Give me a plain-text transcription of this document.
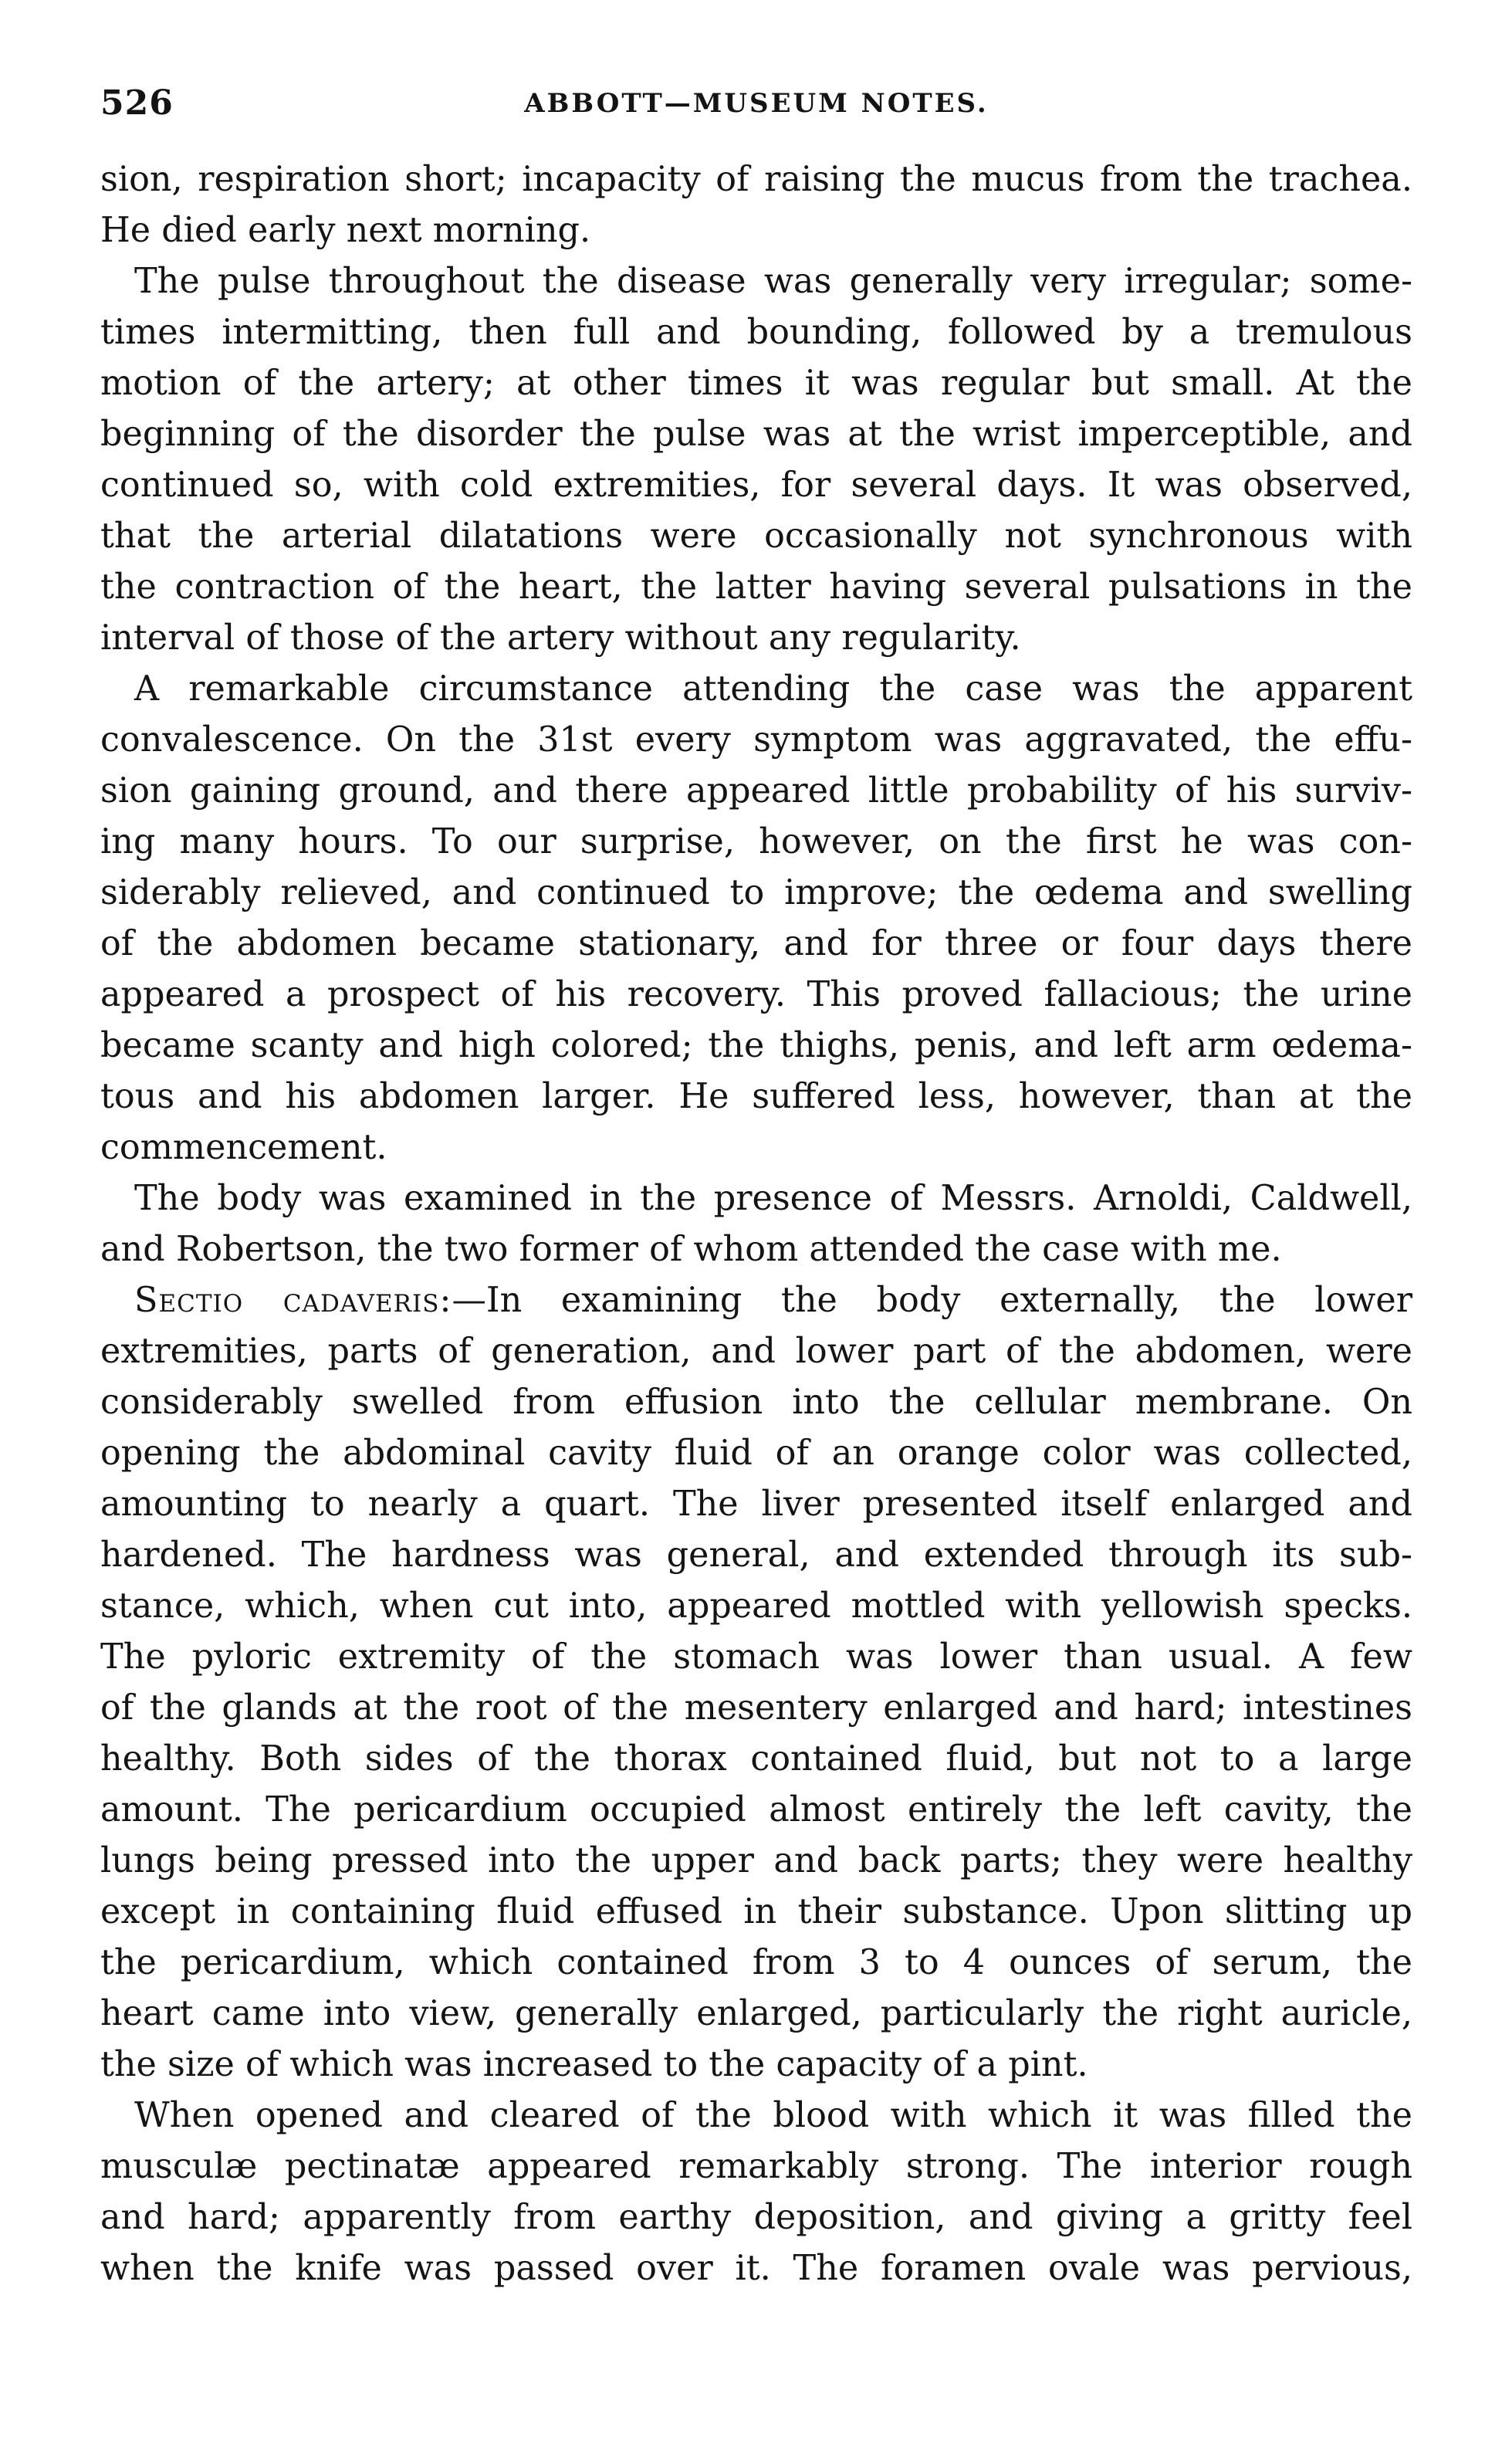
526	ABBOTT—MUSEUM NOTES.
sion, respiration short; incapacity of raising the mucus from the trachea.
He died early next morning.
The pulse throughout the disease was generally very irregular; some-
times intermitting, then full and bounding, followed by a tremulous
motion of the artery; at other times it was regular but small. At the
beginning of the disorder the pulse was at the wrist imperceptible, and
continued so, with cold extremities, for several days. It was observed,
that the arterial dilatations were occasionally not synchronous with
the contraction of the heart, the latter having several pulsations in the
interval of those of the artery without any regularity.
A remarkable circumstance attending the case was the apparent
convalescence. On the 31st every symptom was aggravated, the effu-
sion gaining ground, and there appeared little probability of his surviv-
ing many hours. To our surprise, however, on the first he was con-
siderably relieved, and continued to improve; the œdema and swelling
of the abdomen became stationary, and for three or four days there
appeared a prospect of his recovery. This proved fallacious; the urine
became scanty and high colored; the thighs, penis, and left arm œdema-
tous and his abdomen larger. He suffered less, however, than at the
commencement.
The body was examined in the presence of Messrs. Arnoldi, Caldwell,
and Robertson, the two former of whom attended the case with me.
Sectio cadaveris:—In examining the body externally, the lower
extremities, parts of generation, and lower part of the abdomen, were
considerably swelled from effusion into the cellular membrane. On
opening the abdominal cavity fluid of an orange color was collected,
amounting to nearly a quart. The liver presented itself enlarged and
hardened. The hardness was general, and extended through its sub-
stance, which, when cut into, appeared mottled with yellowish specks.
The pyloric extremity of the stomach was lower than usual. A few
of the glands at the root of the mesentery enlarged and hard; intestines
healthy. Both sides of the thorax contained fluid, but not to a large
amount. The pericardium occupied almost entirely the left cavity, the
lungs being pressed into the upper and back parts; they were healthy
except in containing fluid effused in their substance. Upon slitting up
the pericardium, which contained from 3 to 4 ounces of serum, the
heart came into view, generally enlarged, particularly the right auricle,
the size of which was increased to the capacity of a pint.
When opened and cleared of the blood with which it was filled the
musculæ pectinatæ appeared remarkably strong. The interior rough
and hard; apparently from earthy deposition, and giving a gritty feel
when the knife was passed over it. The foramen ovale was pervious,
